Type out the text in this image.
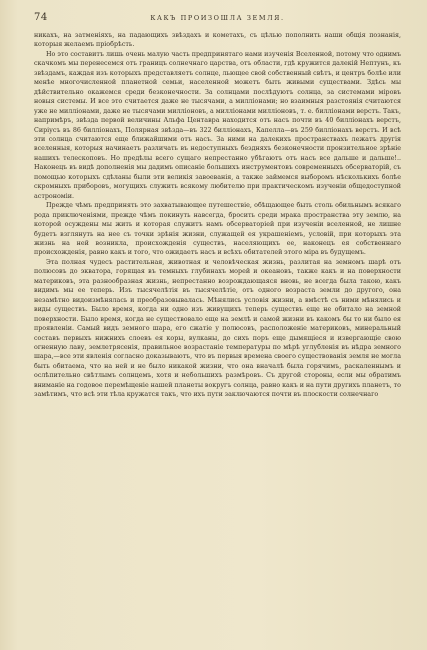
74	КАКЪ ПРОИЗОШЛА ЗЕМЛЯ.

никахъ, на затменіяхъ, на падающихъ звѣздахъ и кометахъ, съ цѣлью пополнить наши общія познанія, которыя желаемъ пріобрѣсть.

Но это составитъ лишь очень малую часть предпринятаго нами изученія Вселенной, потому что однимъ скачкомъ мы перенесемся отъ границъ солнечнаго царства, отъ области, гдѣ кружится далекій Нептунъ, къ звѣздамъ, каждая изъ которыхъ представляетъ солнце, льющее свой собственный свѣтъ, и центръ болѣе или менѣе многочисленной планетной семьи, населенной можетъ быть живыми существами. Здѣсь мы дѣйствительно окажемся среди безконечности. За солнцами послѣдуютъ солнца, за системами міровъ новыя системы. И все это считается даже не тысячами, а милліонами; но взаимныя разстоянія считаются уже не милліонами, даже не тысячами милліоновъ, а милліонами милліоновъ, т. е. билліонами верстъ. Такъ, напримѣръ, звѣзда первой величины Альфа Центавра находится отъ насъ почти въ 40 билліонахъ верстъ, Сиріусъ въ 86 билліонахъ, Полярная звѣзда—въ 322 билліонахъ, Капелла—въ 259 билліонахъ верстъ. И всѣ эти солнца считаются еще ближайшими отъ насъ. За ними на далекихъ пространствахъ лежатъ другія вселенныя, которыя начинаетъ различать въ недоступныхъ бездняхъ безконечности пронзительное зрѣніе нашихъ телескоповъ. Но предѣлы всего сущаго непрестанно убѣгаютъ отъ насъ все дальше и дальше!.. Наконецъ въ видѣ дополненія мы дадимъ описаніе большихъ инструментовъ современныхъ обсерваторій, съ помощью которыхъ сдѣланы были эти великія завоеванія, а также займемся выборомъ нѣсколькихъ болѣе скромныхъ приборовъ, могущихъ служить всякому любителю при практическомъ изученіи общедоступной астрономіи.

Прежде чѣмъ предпринять это захватывающее путешествіе, обѣщающее быть столь обильнымъ всякаго рода приключеніями, прежде чѣмъ покинуть навсегда, бросить среди мрака пространства эту землю, на которой осуждены мы жить и которая служитъ намъ обсерваторіей при изученіи вселенной, не лишне будетъ взглянуть на нее съ точки зрѣнія жизни, служащей ея украшеніемъ, условій, при которыхъ эта жизнь на ней возникла, происхожденія существъ, населяющихъ ее, наконецъ ея собственнаго происхожденія, равно какъ и того, что ожидаетъ насъ и всѣхъ обитателей этого міра въ будущемъ.

Эта полная чудесъ растительная, животная и человѣческая жизнь, разлитая на земномъ шарѣ отъ полюсовъ до экватора, горящая въ темныхъ глубинахъ морей и океановъ, также какъ и на поверхности материковъ, эта разнообразная жизнь, непрестанно возрождающаяся вновь, не всегда была такою, какъ видимъ мы ее теперь. Изъ тысячелѣтія въ тысячелѣтіе, отъ одного возраста земли до другого, она незамѣтно видоизмѣнялась и преобразовывалась. Мѣнялись условія жизни, а вмѣстѣ съ ними мѣнялись и виды существъ. Было время, когда ни одно изъ живущихъ теперь существъ еще не обитало на земной поверхности. Было время, когда не существовало еще на землѣ и самой жизни въ какомъ бы то ни было ея проявленіи. Самый видъ земного шара, его сжатіе у полюсовъ, расположеніе материковъ, минеральный составъ первыхъ нижнихъ слоевъ ея коры, вулканы, до сихъ поръ еще дымящіеся и извергающіе свою огненную лаву, землетрясенія, правильное возрастаніе температуры по мѣрѣ углубленія въ нѣдра земного шара,—все эти явленія согласно доказываютъ, что въ первыя времена своего существованія земля не могла быть обитаема, что на ней и не было никакой жизни, что она вначалѣ была горячимъ, раскаленнымъ и ослѣпительно свѣтлымъ солнцемъ, хотя и небольшихъ размѣровъ. Съ другой стороны, если мы обратимъ вниманіе на годовое перемѣщеніе нашей планеты вокругъ солнца, равно какъ и на пути другихъ планетъ, то замѣтимъ, что всѣ эти тѣла кружатся такъ, что ихъ пути заключаются почти въ плоскости солнечнаго
